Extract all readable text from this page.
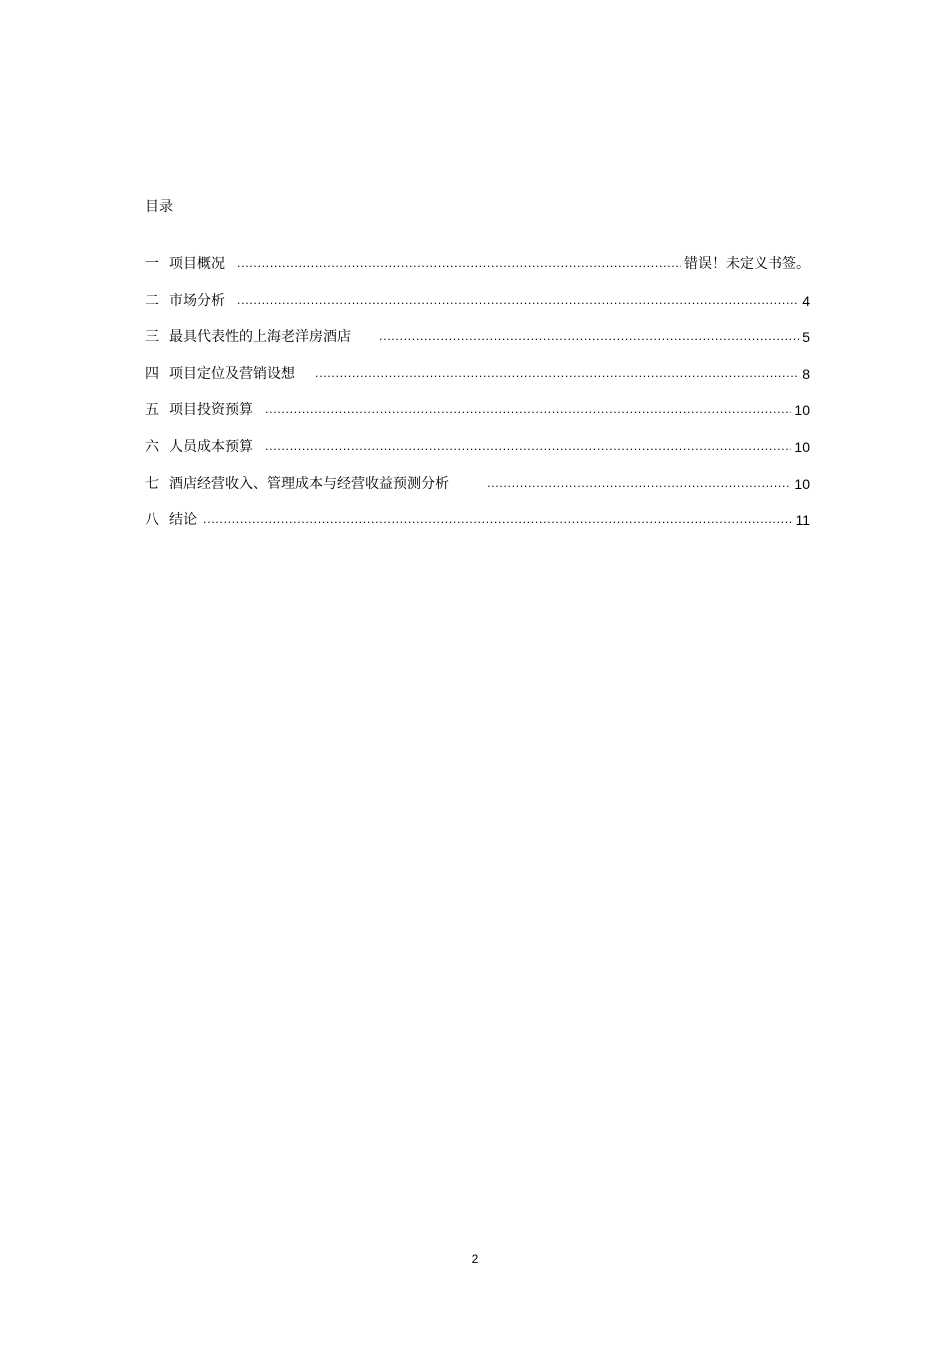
目录
一 项目概况 .....	错误！未定义书签。
二 市场分析 .....	4
三 最具代表性的上海老洋房酒店 .....	5
四 项目定位及营销设想 .....	8
五 项目投资预算 .....	10
六 人员成本预算 .....	10
七 酒店经营收入、管理成本与经营收益预测分析 .....	10
八 结论 .....	11
2
